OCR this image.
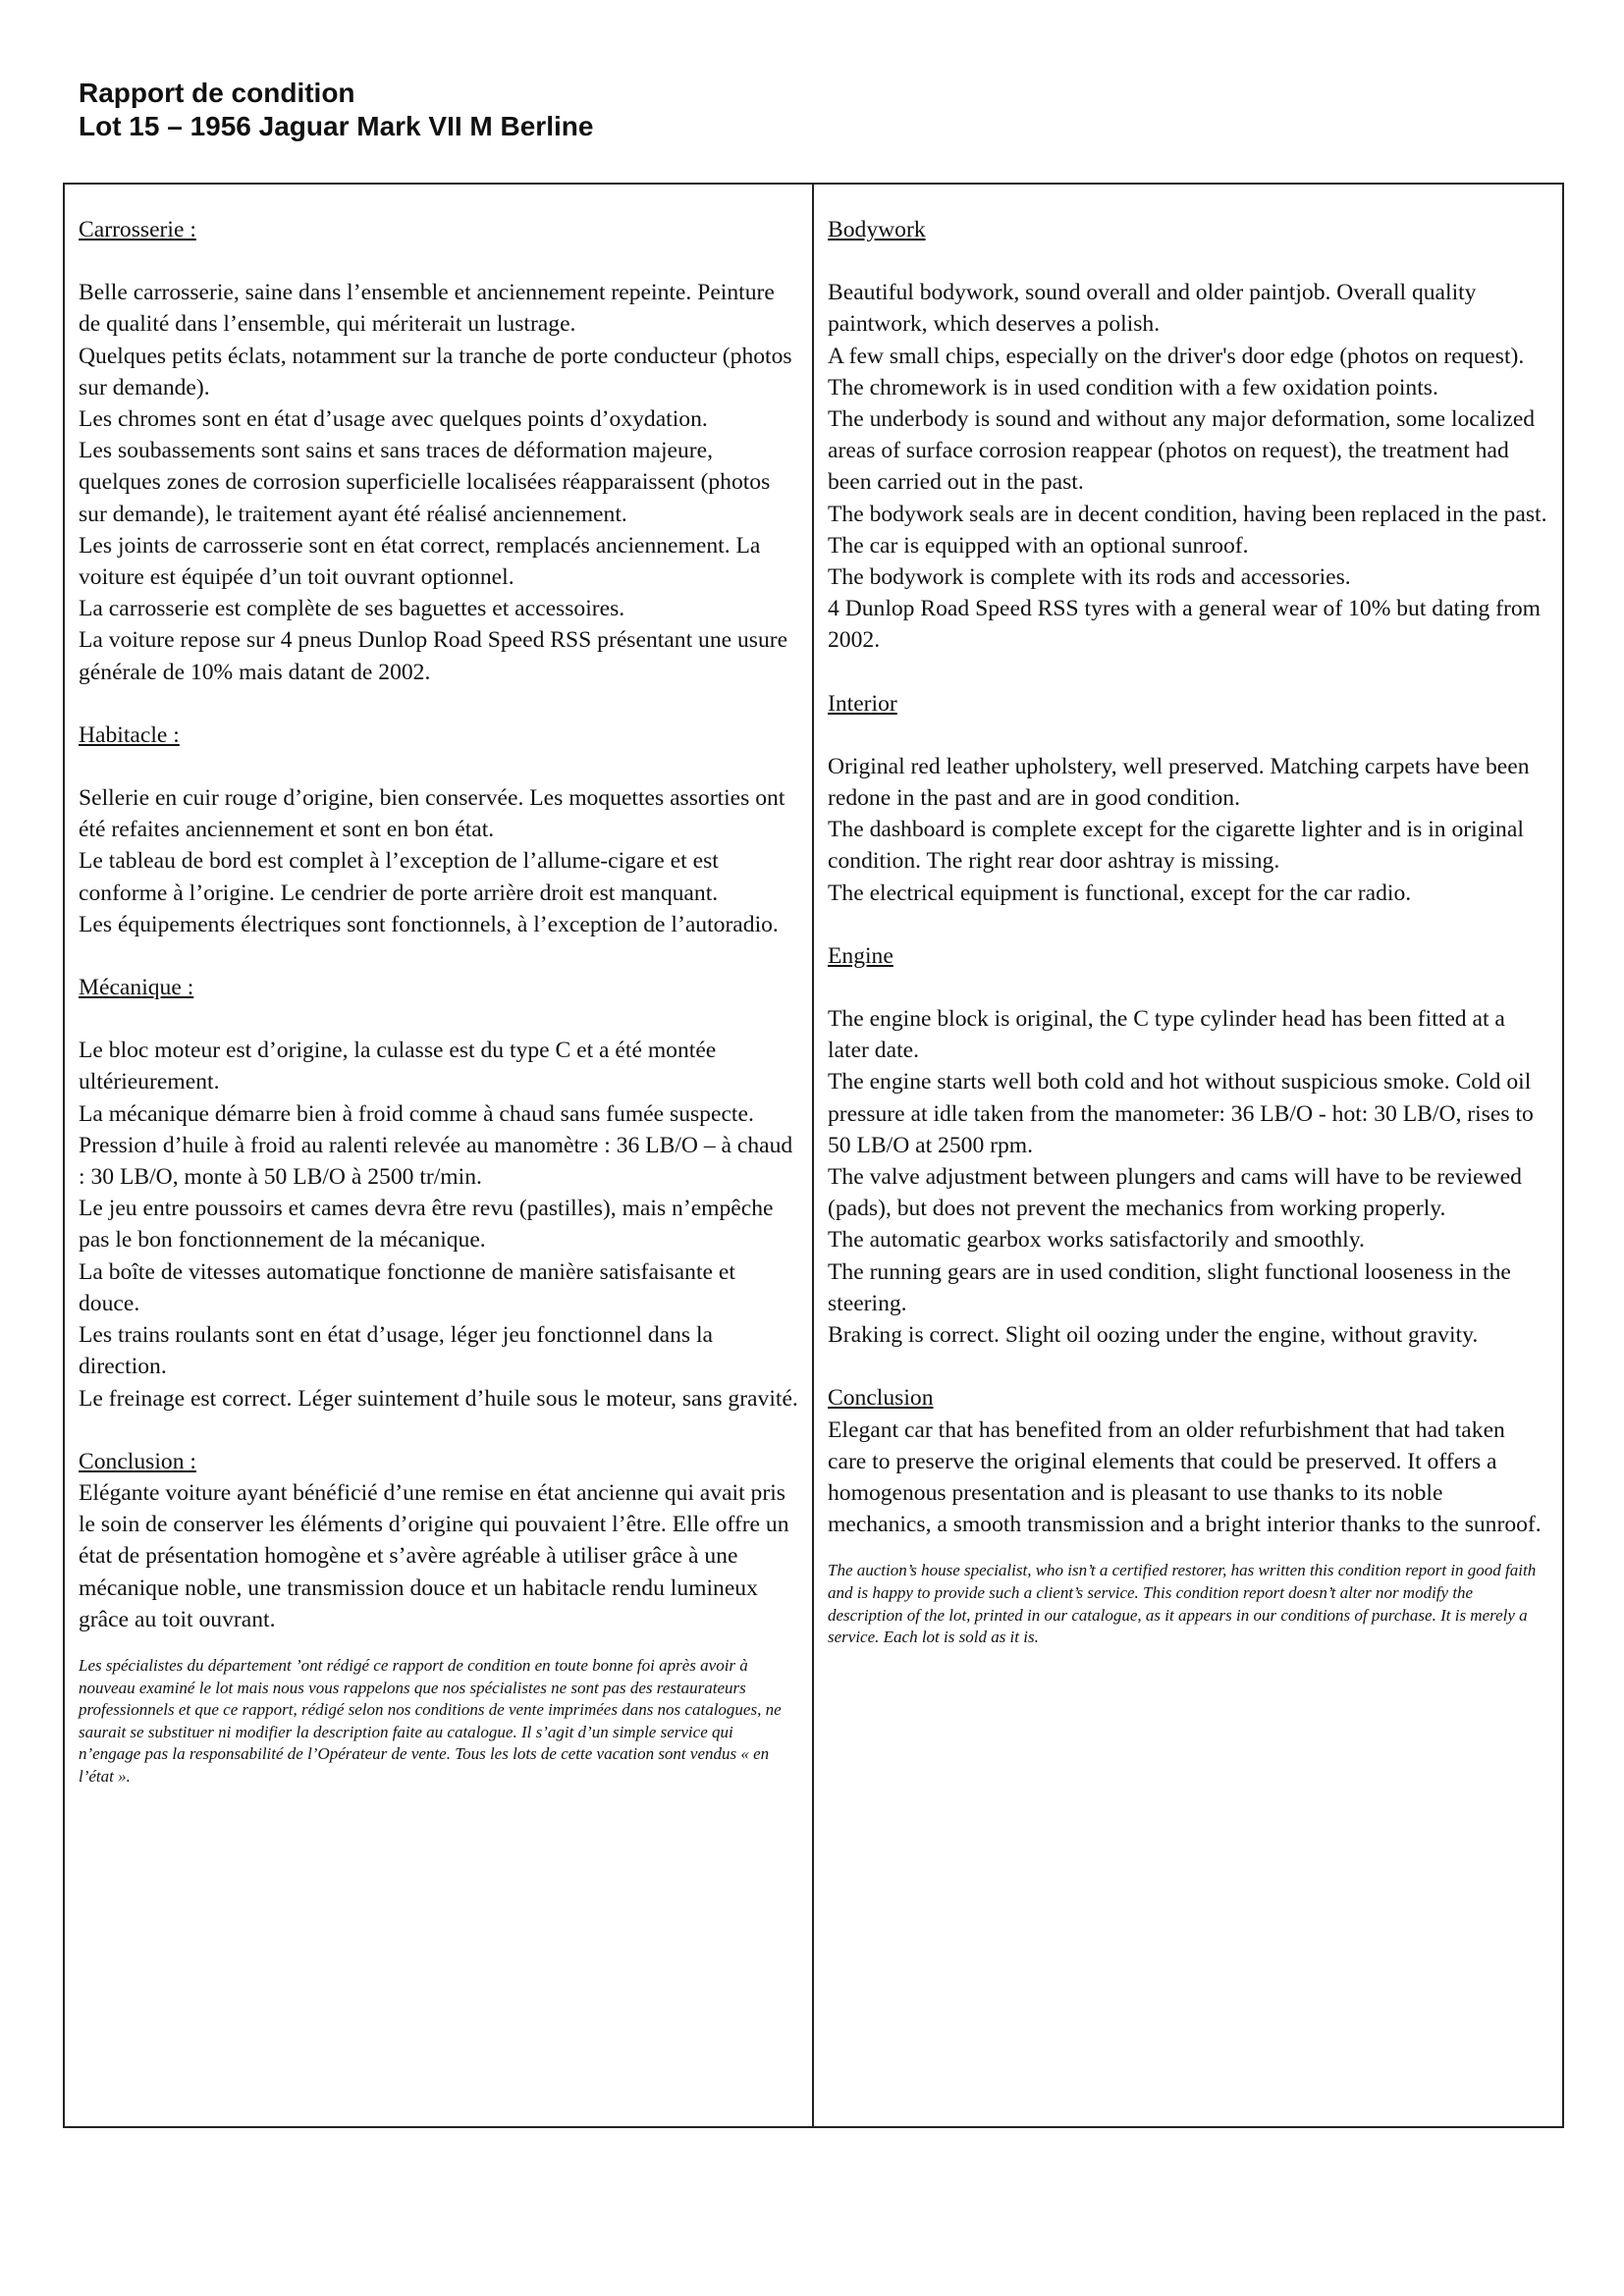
Rapport de condition
Lot 15 – 1956 Jaguar Mark VII M Berline
Carrosserie :
Belle carrosserie, saine dans l’ensemble et anciennement repeinte. Peinture de qualité dans l’ensemble, qui mériterait un lustrage.
Quelques petits éclats, notamment sur la tranche de porte conducteur (photos sur demande).
Les chromes sont en état d’usage avec quelques points d’oxydation.
Les soubassements sont sains et sans traces de déformation majeure, quelques zones de corrosion superficielle localisées réapparaissent (photos sur demande), le traitement ayant été réalisé anciennement.
Les joints de carrosserie sont en état correct, remplacés anciennement. La voiture est équipée d’un toit ouvrant optionnel.
La carrosserie est complète de ses baguettes et accessoires.
La voiture repose sur 4 pneus Dunlop Road Speed RSS présentant une usure générale de 10% mais datant de 2002.
Habitacle :
Sellerie en cuir rouge d’origine, bien conservée. Les moquettes assorties ont été refaites anciennement et sont en bon état.
Le tableau de bord est complet à l’exception de l’allume-cigare et est conforme à l’origine. Le cendrier de porte arrière droit est manquant.
Les équipements électriques sont fonctionnels, à l’exception de l’autoradio.
Mécanique :
Le bloc moteur est d’origine, la culasse est du type C et a été montée ultérieurement.
La mécanique démarre bien à froid comme à chaud sans fumée suspecte. Pression d’huile à froid au ralenti relevée au manomètre : 36 LB/O – à chaud : 30 LB/O, monte à 50 LB/O à 2500 tr/min.
Le jeu entre poussoirs et cames devra être revu (pastilles), mais n’empêche pas le bon fonctionnement de la mécanique.
La boîte de vitesses automatique fonctionne de manière satisfaisante et douce.
Les trains roulants sont en état d’usage, léger jeu fonctionnel dans la direction.
Le freinage est correct. Léger suintement d’huile sous le moteur, sans gravité.
Conclusion :
Elégante voiture ayant bénéficié d’une remise en état ancienne qui avait pris le soin de conserver les éléments d’origine qui pouvaient l’être. Elle offre un état de présentation homogène et s’avère agréable à utiliser grâce à une mécanique noble, une transmission douce et un habitacle rendu lumineux grâce au toit ouvrant.
Les spécialistes du département ’ont rédigé ce rapport de condition en toute bonne foi après avoir à nouveau examiné le lot mais nous vous rappelons que nos spécialistes ne sont pas des restaurateurs professionnels et que ce rapport, rédigé selon nos conditions de vente imprimées dans nos catalogues, ne saurait se substituer ni modifier la description faite au catalogue. Il s’agit d’un simple service qui n’engage pas la responsabilité de l’Opérateur de vente. Tous les lots de cette vacation sont vendus « en l’état ».
Bodywork
Beautiful bodywork, sound overall and older paintjob. Overall quality paintwork, which deserves a polish.
A few small chips, especially on the driver's door edge (photos on request).
The chromework is in used condition with a few oxidation points.
The underbody is sound and without any major deformation, some localized areas of surface corrosion reappear (photos on request), the treatment had been carried out in the past.
The bodywork seals are in decent condition, having been replaced in the past. The car is equipped with an optional sunroof.
The bodywork is complete with its rods and accessories.
4 Dunlop Road Speed RSS tyres with a general wear of 10% but dating from 2002.
Interior
Original red leather upholstery, well preserved. Matching carpets have been redone in the past and are in good condition.
The dashboard is complete except for the cigarette lighter and is in original condition. The right rear door ashtray is missing.
The electrical equipment is functional, except for the car radio.
Engine
The engine block is original, the C type cylinder head has been fitted at a later date.
The engine starts well both cold and hot without suspicious smoke. Cold oil pressure at idle taken from the manometer: 36 LB/O - hot: 30 LB/O, rises to 50 LB/O at 2500 rpm.
The valve adjustment between plungers and cams will have to be reviewed (pads), but does not prevent the mechanics from working properly.
The automatic gearbox works satisfactorily and smoothly.
The running gears are in used condition, slight functional looseness in the steering.
Braking is correct. Slight oil oozing under the engine, without gravity.
Conclusion
Elegant car that has benefited from an older refurbishment that had taken care to preserve the original elements that could be preserved. It offers a homogenous presentation and is pleasant to use thanks to its noble mechanics, a smooth transmission and a bright interior thanks to the sunroof.
The auction’s house specialist, who isn’t a certified restorer, has written this condition report in good faith and is happy to provide such a client’s service. This condition report doesn’t alter nor modify the description of the lot, printed in our catalogue, as it appears in our conditions of purchase. It is merely a service. Each lot is sold as it is.
